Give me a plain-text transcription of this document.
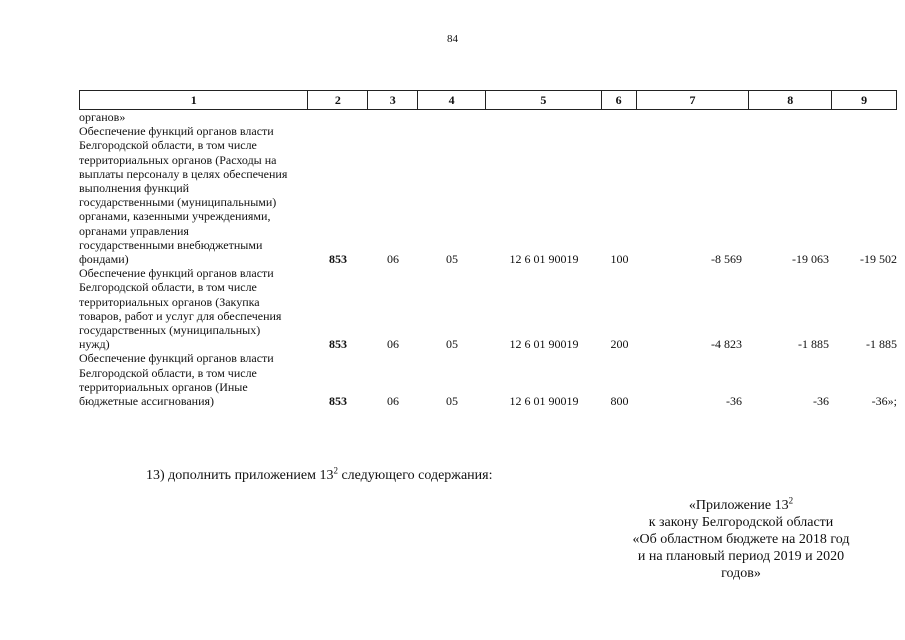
84
1	2	3	4	5	6	7	8	9
органов»
Обеспечение функций органов власти
Белгородской области, в том числе
территориальных органов (Расходы на
выплаты персоналу в целях обеспечения
выполнения функций
государственными (муниципальными)
органами, казенными учреждениями,
органами управления
государственными внебюджетными
фондами)	853	06	05	12 6 01 90019	100	-8 569	-19 063	-19 502
Обеспечение функций органов власти
Белгородской области, в том числе
территориальных органов (Закупка
товаров, работ и услуг для обеспечения
государственных (муниципальных)
нужд)	853	06	05	12 6 01 90019	200	-4 823	-1 885	-1 885
Обеспечение функций органов власти
Белгородской области, в том числе
территориальных органов (Иные
бюджетные ассигнования)	853	06	05	12 6 01 90019	800	-36	-36	-36»;
13) дополнить приложением $13^2$ следующего содержания:
«Приложение $13^2$
к закону Белгородской области
«Об областном бюджете на 2018 год
и на плановый период 2019 и 2020
годов»
